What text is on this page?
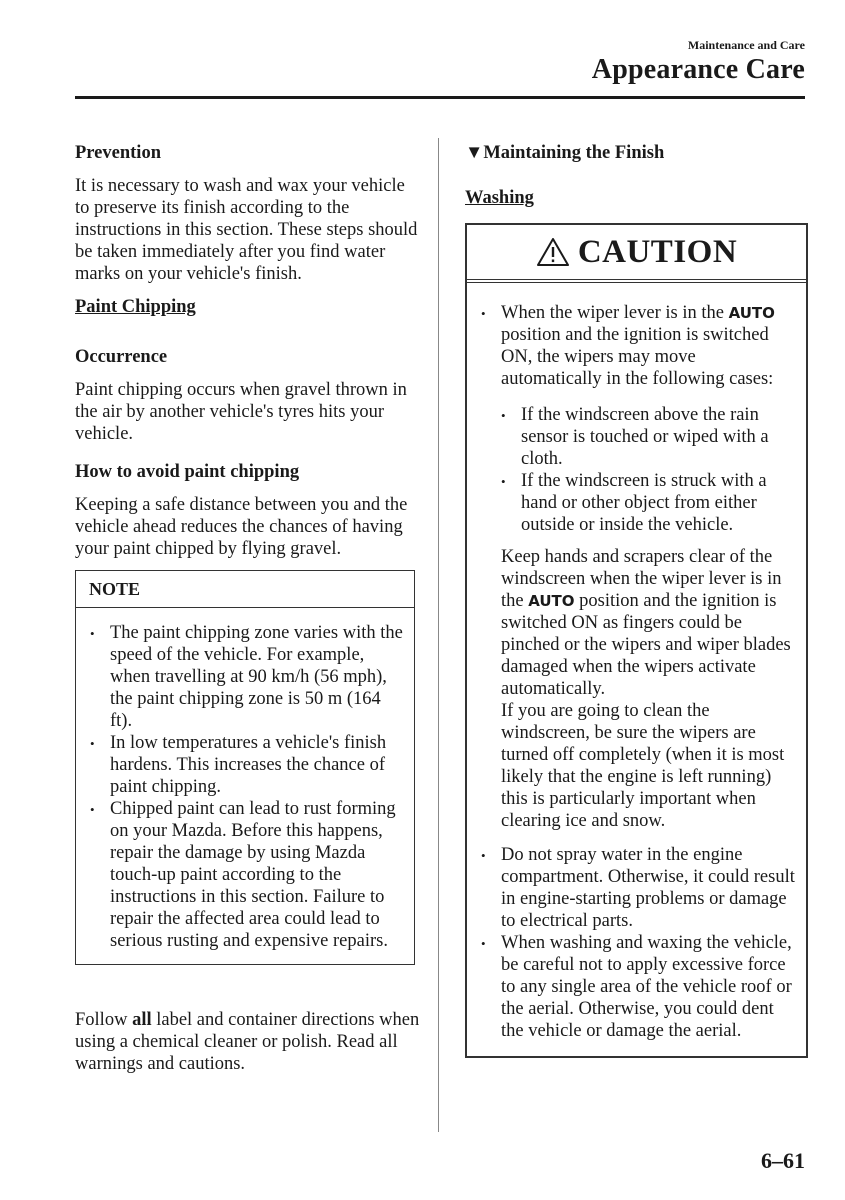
Maintenance and Care
Appearance Care
Prevention

It is necessary to wash and wax your vehicle to preserve its finish according to the instructions in this section. These steps should be taken immediately after you find water marks on your vehicle's finish.

Paint Chipping
Occurrence

Paint chipping occurs when gravel thrown in the air by another vehicle's tyres hits your vehicle.

How to avoid paint chipping

Keeping a safe distance between you and the vehicle ahead reduces the chances of having your paint chipped by flying gravel.

NOTE
•
The paint chipping zone varies with the speed of the vehicle. For example, when travelling at 90 km/h (56 mph), the paint chipping zone is 50 m (164 ft).
•
In low temperatures a vehicle's finish hardens. This increases the chance of paint chipping.
•
Chipped paint can lead to rust forming on your Mazda. Before this happens, repair the damage by using Mazda touch-up paint according to the instructions in this section. Failure to repair the affected area could lead to serious rusting and expensive repairs.

Follow all label and container directions when using a chemical cleaner or polish. Read all warnings and cautions.

▼Maintaining the Finish
Washing
CAUTION
•

When the wiper lever is in the AUTO position and the ignition is switched ON, the wipers may move automatically in the following cases:

•
If the windscreen above the rain sensor is touched or wiped with a cloth.
•
If the windscreen is struck with a hand or other object from either outside or inside the vehicle.

Keep hands and scrapers clear of the windscreen when the wiper lever is in the AUTO position and the ignition is switched ON as fingers could be pinched or the wipers and wiper blades damaged when the wipers activate automatically.

If you are going to clean the windscreen, be sure the wipers are turned off completely (when it is most likely that the engine is left running) this is particularly important when clearing ice and snow.

•
Do not spray water in the engine compartment. Otherwise, it could result in engine-starting problems or damage to electrical parts.
•
When washing and waxing the vehicle, be careful not to apply excessive force to any single area of the vehicle roof or the aerial. Otherwise, you could dent the vehicle or damage the aerial.
6–61
